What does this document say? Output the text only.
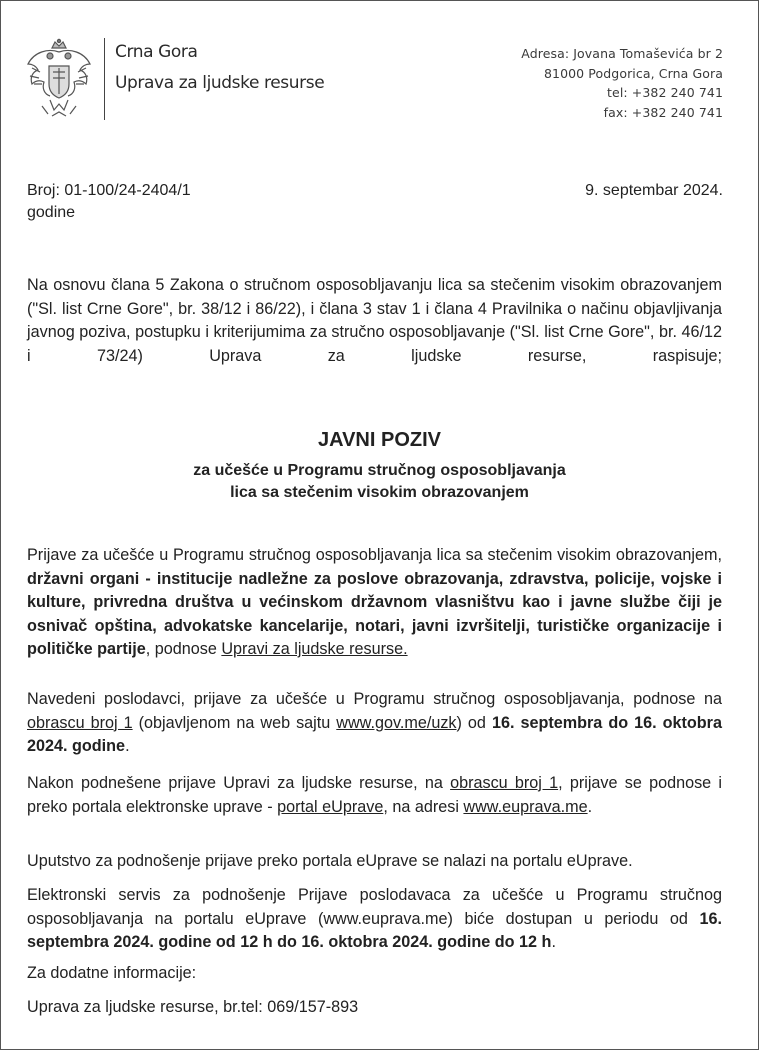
Crna Gora
Uprava za ljudske resurse
Adresa: Jovana Tomaševića br 2
81000 Podgorica, Crna Gora
tel: +382 240 741
fax: +382 240 741
Broj: 01-100/24-2404/1
godine
9. septembar 2024.
Na osnovu člana 5 Zakona o stručnom osposobljavanju lica sa stečenim visokim obrazovanjem ("Sl. list Crne Gore", br. 38/12 i 86/22), i člana 3 stav 1 i člana 4 Pravilnika o načinu objavljivanja javnog poziva, postupku i kriterijumima za stručno osposobljavanje ("Sl. list Crne Gore", br. 46/12 i 73/24) Uprava za ljudske resurse, raspisuje;
JAVNI POZIV
za učešće u Programu stručnog osposobljavanja
lica sa stečenim visokim obrazovanjem
Prijave za učešće u Programu stručnog osposobljavanja lica sa stečenim visokim obrazovanjem, državni organi - institucije nadležne za poslove obrazovanja, zdravstva, policije, vojske i kulture, privredna društva u većinskom državnom vlasništvu kao i javne službe čiji je osnivač opština, advokatske kancelarije, notari, javni izvršitelji, turističke organizacije i političke partije, podnose Upravi za ljudske resurse.
Navedeni poslodavci, prijave za učešće u Programu stručnog osposobljavanja, podnose na obrascu broj 1 (objavljenom na web sajtu www.gov.me/uzk) od 16. septembra do 16. oktobra 2024. godine.
Nakon podnešene prijave Upravi za ljudske resurse, na obrascu broj 1, prijave se podnose i preko portala elektronske uprave - portal eUprave, na adresi www.euprava.me.
Uputstvo za podnošenje prijave preko portala eUprave se nalazi na portalu eUprave.
Elektronski servis za podnošenje Prijave poslodavaca za učešće u Programu stručnog osposobljavanja na portalu eUprave (www.euprava.me) biće dostupan u periodu od 16. septembra 2024. godine od 12 h do 16. oktobra 2024. godine do 12 h.
Za dodatne informacije:
Uprava za ljudske resurse, br.tel: 069/157-893
